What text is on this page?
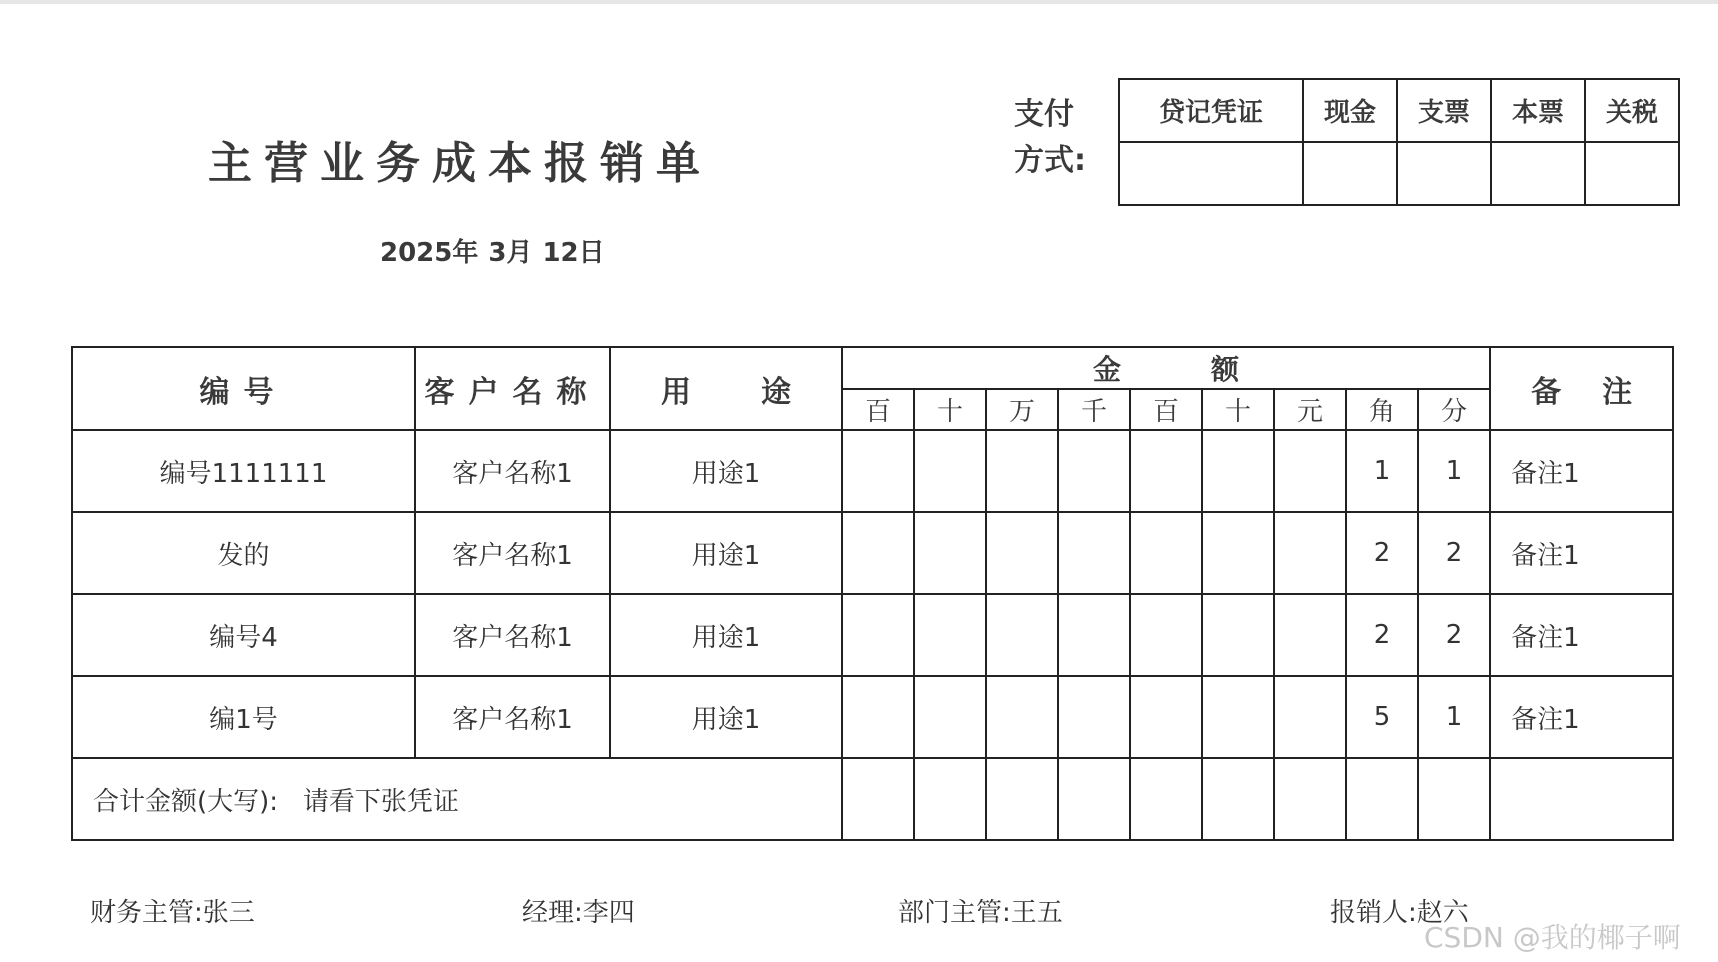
主营业务成本报销单
2025年 3月 12日
支付
方式:
贷记凭证	现金	支票	本票	关税

编号	客户名称	用 途	金 额									备 注

			百	十	万	千	百	十	元	角	分	
编号1111111	客户名称1	用途1								1	1	备注1
发的	客户名称1	用途1								2	2	备注1
编号4	客户名称1	用途1								2	2	备注1
编1号	客户名称1	用途1								5	1	备注1
合计金额(大写): 请看下张凭证												
财务主管:张三	经理:李四	部门主管:王五	报销人:赵六
CSDN @我的椰子啊
